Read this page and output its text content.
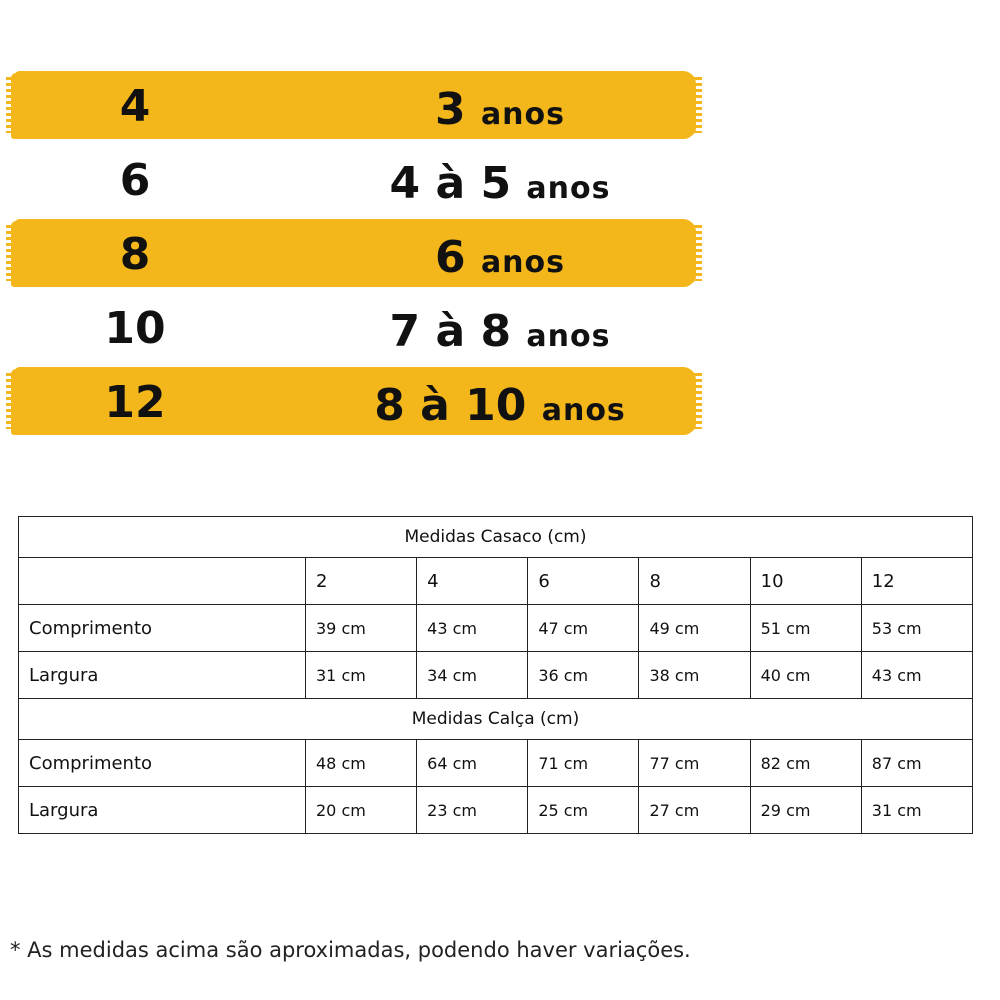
4	3 anos
6	4 à 5 anos
8	6 anos
10	7 à 8 anos
12	8 à 10 anos
Medidas Casaco (cm)						
	2	4	6	8	10	12
Comprimento	39 cm	43 cm	47 cm	49 cm	51 cm	53 cm
Largura	31 cm	34 cm	36 cm	38 cm	40 cm	43 cm
Medidas Calça (cm)						
Comprimento	48 cm	64 cm	71 cm	77 cm	82 cm	87 cm
Largura	20 cm	23 cm	25 cm	27 cm	29 cm	31 cm
* As medidas acima são aproximadas, podendo haver variações.
